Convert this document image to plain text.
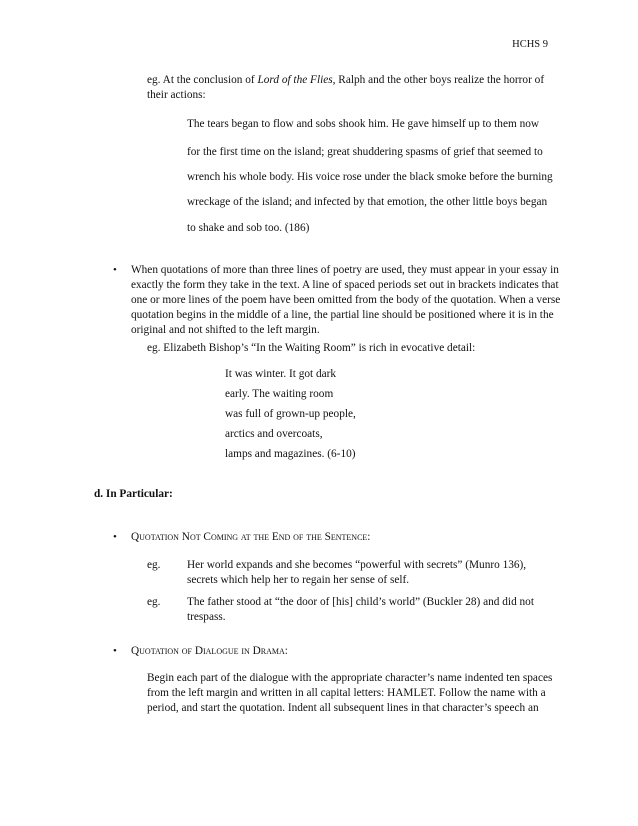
HCHS 9
eg. At the conclusion of Lord of the Flies, Ralph and the other boys realize the horror of their actions:
The tears began to flow and sobs shook him. He gave himself up to them now
for the first time on the island; great shuddering spasms of grief that seemed to
wrench his whole body. His voice rose under the black smoke before the burning
wreckage of the island; and infected by that emotion, the other little boys began
to shake and sob too. (186)
• When quotations of more than three lines of poetry are used, they must appear in your essay in exactly the form they take in the text. A line of spaced periods set out in brackets indicates that one or more lines of the poem have been omitted from the body of the quotation. When a verse quotation begins in the middle of a line, the partial line should be positioned where it is in the original and not shifted to the left margin.
eg. Elizabeth Bishop’s “In the Waiting Room” is rich in evocative detail:
It was winter. It got dark
early. The waiting room
was full of grown-up people,
arctics and overcoats,
lamps and magazines. (6-10)
d. In Particular:
• Quotation Not Coming at the End of the Sentence:
eg. Her world expands and she becomes “powerful with secrets” (Munro 136), secrets which help her to regain her sense of self.
eg. The father stood at “the door of [his] child’s world” (Buckler 28) and did not trespass.
• Quotation of Dialogue in Drama:
Begin each part of the dialogue with the appropriate character’s name indented ten spaces from the left margin and written in all capital letters: HAMLET. Follow the name with a period, and start the quotation. Indent all subsequent lines in that character’s speech an
